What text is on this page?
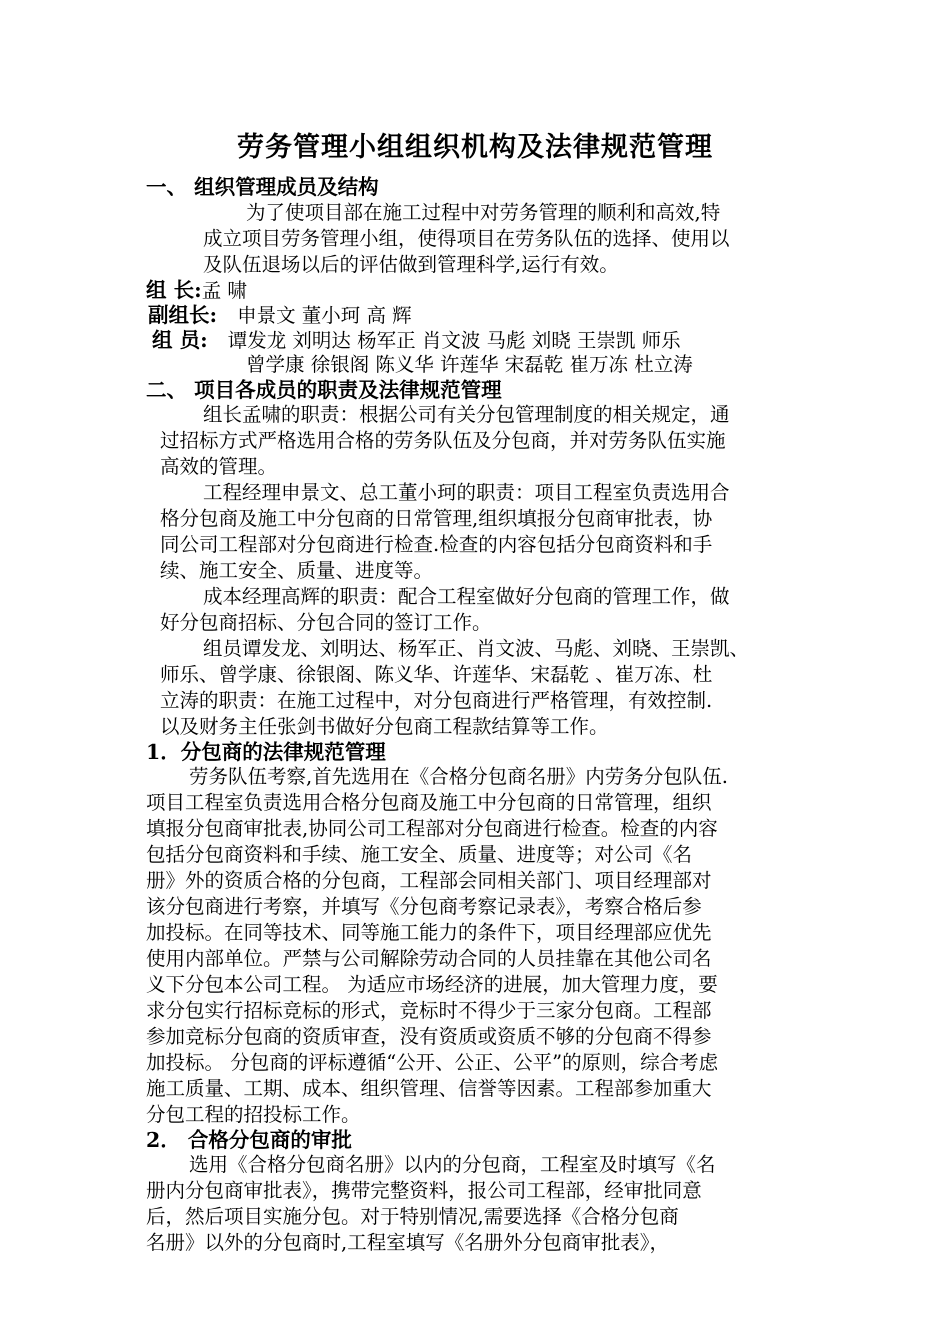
劳务管理小组组织机构及法律规范管理
一、 组织管理成员及结构
为了使项目部在施工过程中对劳务管理的顺利和高效,特
成立项目劳务管理小组，使得项目在劳务队伍的选择、使用以
及队伍退场以后的评估做到管理科学,运行有效。
组 长:孟 啸
副组长: 申景文 董小珂 高 辉
组 员: 谭发龙 刘明达 杨军正 肖文波 马彪 刘晓 王崇凯 师乐
曾学康 徐银阁 陈义华 许莲华 宋磊乾 崔万冻 杜立涛
二、 项目各成员的职责及法律规范管理
组长孟啸的职责：根据公司有关分包管理制度的相关规定，通
过招标方式严格选用合格的劳务队伍及分包商，并对劳务队伍实施
高效的管理。
工程经理申景文、总工董小珂的职责：项目工程室负责选用合
格分包商及施工中分包商的日常管理,组织填报分包商审批表，协
同公司工程部对分包商进行检查.检查的内容包括分包商资料和手
续、施工安全、质量、进度等。
成本经理高辉的职责：配合工程室做好分包商的管理工作，做
好分包商招标、分包合同的签订工作。
组员谭发龙、刘明达、杨军正、肖文波、马彪、刘晓、王崇凯、
师乐、曾学康、徐银阁、陈义华、许莲华、宋磊乾 、崔万冻、杜
立涛的职责：在施工过程中，对分包商进行严格管理，有效控制.
以及财务主任张剑书做好分包商工程款结算等工作。
1．分包商的法律规范管理
劳务队伍考察,首先选用在《合格分包商名册》内劳务分包队伍.
项目工程室负责选用合格分包商及施工中分包商的日常管理，组织
填报分包商审批表,协同公司工程部对分包商进行检查。检查的内容
包括分包商资料和手续、施工安全、质量、进度等；对公司《名
册》外的资质合格的分包商，工程部会同相关部门、项目经理部对
该分包商进行考察，并填写《分包商考察记录表》，考察合格后参
加投标。在同等技术、同等施工能力的条件下，项目经理部应优先
使用内部单位。严禁与公司解除劳动合同的人员挂靠在其他公司名
义下分包本公司工程。 为适应市场经济的进展，加大管理力度，要
求分包实行招标竞标的形式，竞标时不得少于三家分包商。工程部
参加竞标分包商的资质审查，没有资质或资质不够的分包商不得参
加投标。 分包商的评标遵循“公开、公正、公平”的原则，综合考虑
施工质量、工期、成本、组织管理、信誉等因素。工程部参加重大
分包工程的招投标工作。
2． 合格分包商的审批
选用《合格分包商名册》以内的分包商，工程室及时填写《名
册内分包商审批表》，携带完整资料，报公司工程部，经审批同意
后，然后项目实施分包。对于特别情况,需要选择《合格分包商
名册》以外的分包商时,工程室填写《名册外分包商审批表》，
